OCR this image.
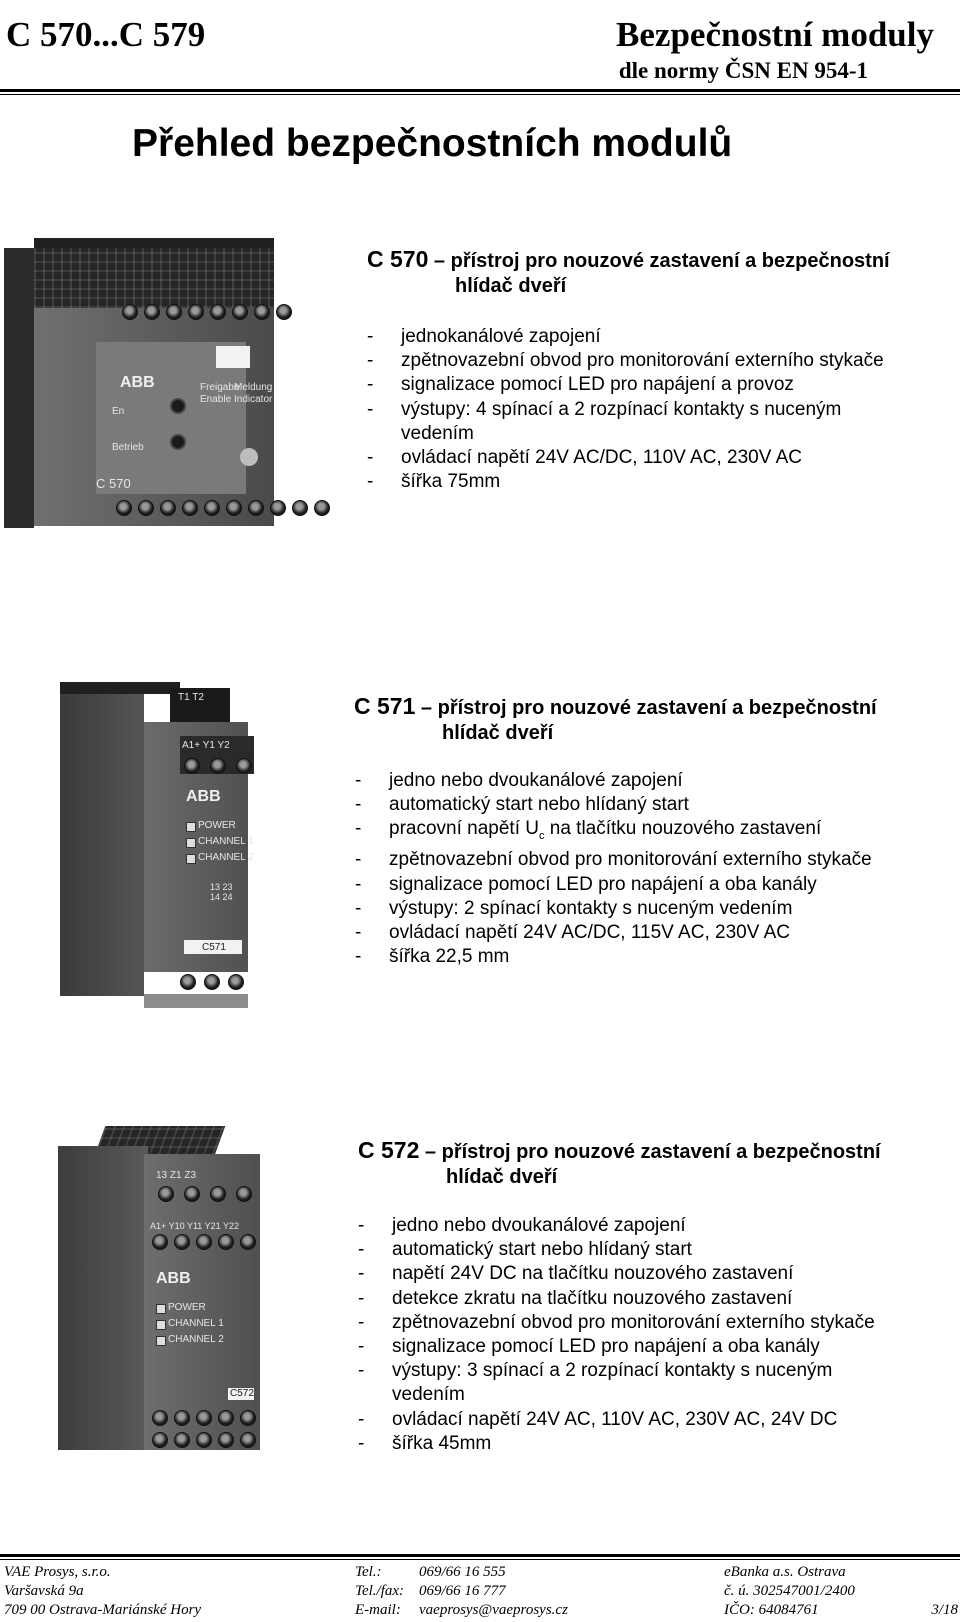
C 570...C 579	Bezpečnostní moduly
dle normy ČSN EN 954-1
Přehled bezpečnostních modulů
ABB
En
Betrieb
Freigabe
Enable
Meldung
Indicator
C 570
C 570 – přístroj pro nouzové zastavení a bezpečnostní
hlídač dveří
-	jednokanálové zapojení
-	zpětnovazební obvod pro monitorování externího stykače
-	signalizace pomocí LED pro napájení a provoz
-	výstupy: 4 spínací a 2 rozpínací kontakty s nuceným
vedením
-	ovládací napětí 24V AC/DC, 110V AC, 230V AC
-	šířka 75mm
T1 T2
A1+ Y1 Y2
ABB
POWER
CHANNEL 1
CHANNEL 2
13 23
14 24
C571
C 571 – přístroj pro nouzové zastavení a bezpečnostní
hlídač dveří
-	jedno nebo dvoukanálové zapojení
-	automatický start nebo hlídaný start
-	pracovní napětí $U_c$ na tlačítku nouzového zastavení
-	zpětnovazební obvod pro monitorování externího stykače
-	signalizace pomocí LED pro napájení a oba kanály
-	výstupy: 2 spínací kontakty s nuceným vedením
-	ovládací napětí 24V AC/DC, 115V AC, 230V AC
-	šířka 22,5 mm
13 Z1 Z3
A1+ Y10 Y11 Y21 Y22
ABB
POWER
CHANNEL 1
CHANNEL 2
C572
C 572 – přístroj pro nouzové zastavení a bezpečnostní
hlídač dveří
-	jedno nebo dvoukanálové zapojení
-	automatický start nebo hlídaný start
-	napětí 24V DC na tlačítku nouzového zastavení
-	detekce zkratu na tlačítku nouzového zastavení
-	zpětnovazební obvod pro monitorování externího stykače
-	signalizace pomocí LED pro napájení a oba kanály
-	výstupy: 3 spínací a 2 rozpínací kontakty s nuceným
vedením
-	ovládací napětí 24V AC, 110V AC, 230V AC, 24V DC
-	šířka 45mm
VAE Prosys, s.r.o.
Varšavská 9a
709 00 Ostrava-Mariánské Hory
Tel.: 069/66 16 555
Tel./fax: 069/66 16 777
E-mail: vaeprosys@vaeprosys.cz
eBanka a.s. Ostrava
č. ú. 302547001/2400
IČO: 64084761	3/18
